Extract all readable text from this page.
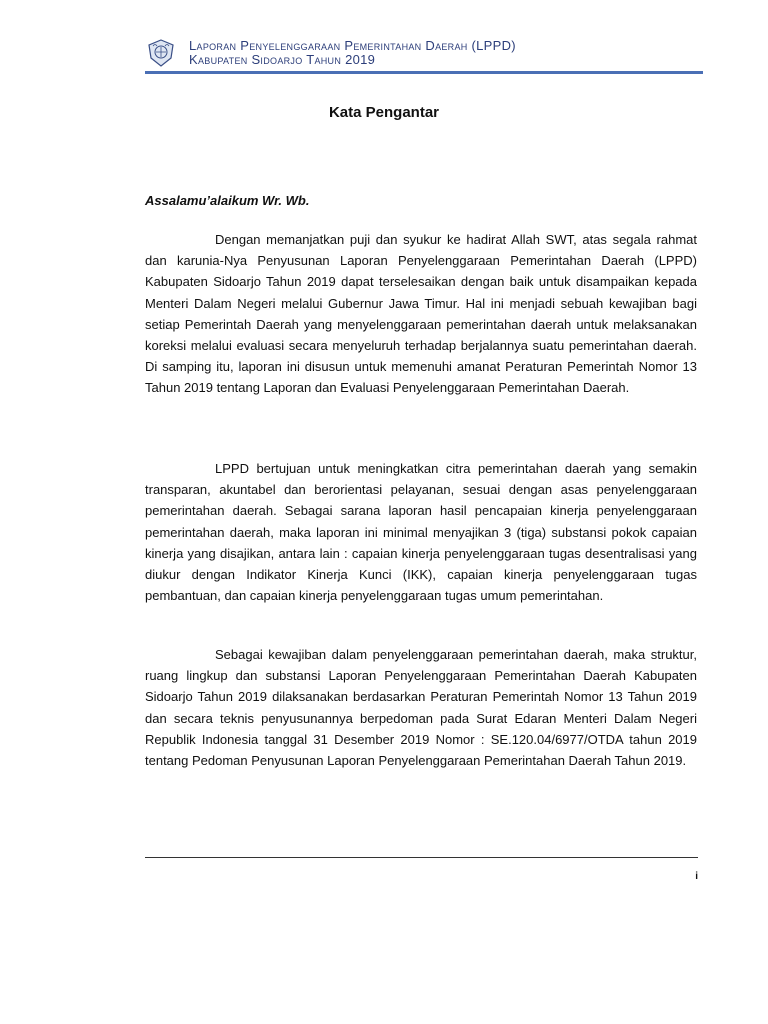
Laporan Penyelenggaraan Pemerintahan Daerah (LPPD)
Kabupaten Sidoarjo Tahun 2019
Kata Pengantar
Assalamu’alaikum Wr. Wb.

Dengan memanjatkan puji dan syukur ke hadirat Allah SWT, atas segala rahmat dan karunia-Nya Penyusunan Laporan Penyelenggaraan Pemerintahan Daerah (LPPD) Kabupaten Sidoarjo Tahun 2019 dapat terselesaikan dengan baik untuk disampaikan kepada Menteri Dalam Negeri melalui Gubernur Jawa Timur. Hal ini menjadi sebuah kewajiban bagi setiap Pemerintah Daerah yang menyelenggaraan pemerintahan daerah untuk melaksanakan koreksi melalui evaluasi secara menyeluruh terhadap berjalannya suatu pemerintahan daerah. Di samping itu, laporan ini disusun untuk memenuhi amanat Peraturan Pemerintah Nomor 13 Tahun 2019 tentang Laporan dan Evaluasi Penyelenggaraan Pemerintahan Daerah.

LPPD bertujuan untuk meningkatkan citra pemerintahan daerah yang semakin transparan, akuntabel dan berorientasi pelayanan, sesuai dengan asas penyelenggaraan pemerintahan daerah. Sebagai sarana laporan hasil pencapaian kinerja penyelenggaraan pemerintahan daerah, maka laporan ini minimal menyajikan 3 (tiga) substansi pokok capaian kinerja yang disajikan, antara lain : capaian kinerja penyelenggaraan tugas desentralisasi yang diukur dengan Indikator Kinerja Kunci (IKK), capaian kinerja penyelenggaraan tugas pembantuan, dan capaian kinerja penyelenggaraan tugas umum pemerintahan.

Sebagai kewajiban dalam penyelenggaraan pemerintahan daerah, maka struktur, ruang lingkup dan substansi Laporan Penyelenggaraan Pemerintahan Daerah Kabupaten Sidoarjo Tahun 2019 dilaksanakan berdasarkan Peraturan Pemerintah Nomor 13 Tahun 2019 dan secara teknis penyusunannya berpedoman pada Surat Edaran Menteri Dalam Negeri Republik Indonesia tanggal 31 Desember 2019 Nomor : SE.120.04/6977/OTDA tahun 2019 tentang Pedoman Penyusunan Laporan Penyelenggaraan Pemerintahan Daerah Tahun 2019.

i
